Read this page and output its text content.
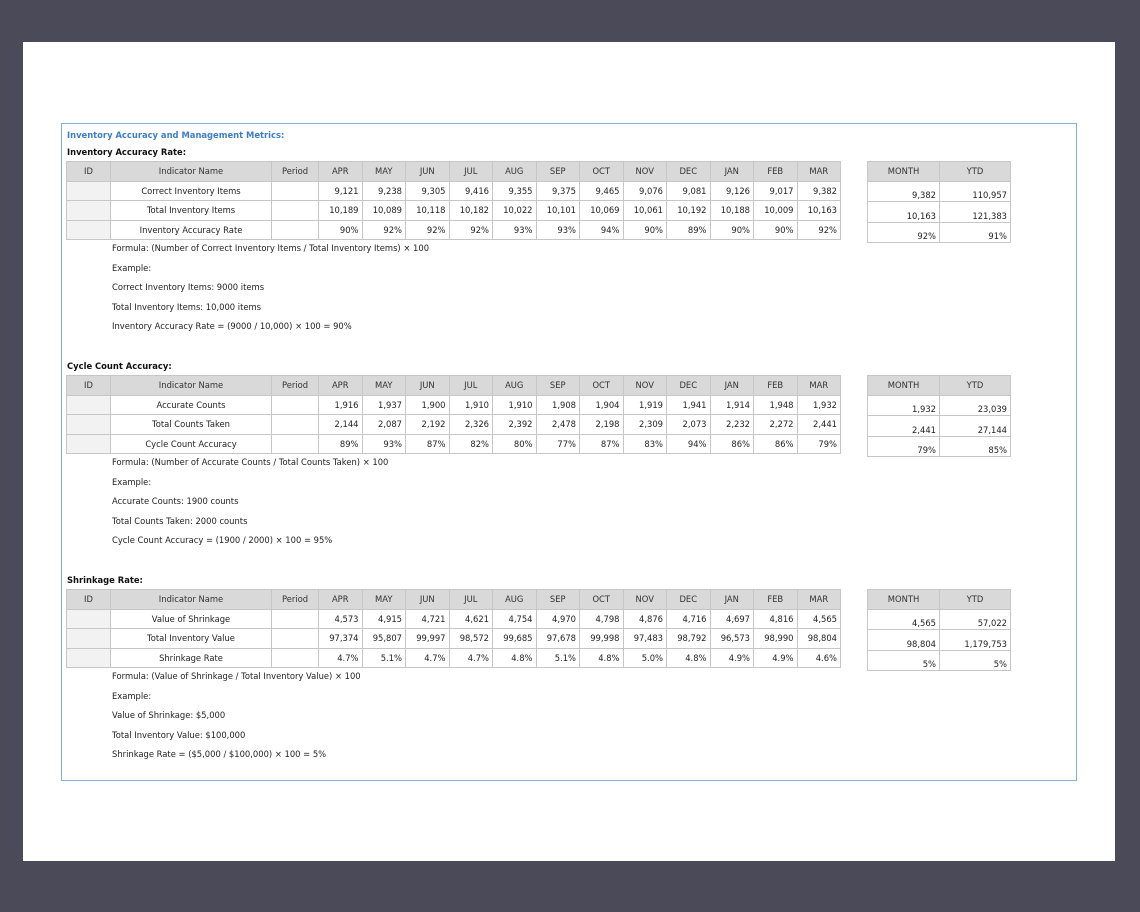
Inventory Accuracy and Management Metrics:
Inventory Accuracy Rate:
ID	Indicator Name	Period	APR	MAY	JUN	JUL	AUG	SEP	OCT	NOV	DEC	JAN	FEB	MAR
	Correct Inventory Items		9,121	9,238	9,305	9,416	9,355	9,375	9,465	9,076	9,081	9,126	9,017	9,382
	Total Inventory Items		10,189	10,089	10,118	10,182	10,022	10,101	10,069	10,061	10,192	10,188	10,009	10,163
	Inventory Accuracy Rate		90%	92%	92%	92%	93%	93%	94%	90%	89%	90%	90%	92%
MONTH	YTD
9,382	110,957
10,163	121,383
92%	91%
Formula: (Number of Correct Inventory Items / Total Inventory Items) × 100
Example:
Correct Inventory Items: 9000 items
Total Inventory Items: 10,000 items
Inventory Accuracy Rate = (9000 / 10,000) × 100 = 90%
Cycle Count Accuracy:
ID	Indicator Name	Period	APR	MAY	JUN	JUL	AUG	SEP	OCT	NOV	DEC	JAN	FEB	MAR
	Accurate Counts		1,916	1,937	1,900	1,910	1,910	1,908	1,904	1,919	1,941	1,914	1,948	1,932
	Total Counts Taken		2,144	2,087	2,192	2,326	2,392	2,478	2,198	2,309	2,073	2,232	2,272	2,441
	Cycle Count Accuracy		89%	93%	87%	82%	80%	77%	87%	83%	94%	86%	86%	79%
MONTH	YTD
1,932	23,039
2,441	27,144
79%	85%
Formula: (Number of Accurate Counts / Total Counts Taken) × 100
Example:
Accurate Counts: 1900 counts
Total Counts Taken: 2000 counts
Cycle Count Accuracy = (1900 / 2000) × 100 = 95%
Shrinkage Rate:
ID	Indicator Name	Period	APR	MAY	JUN	JUL	AUG	SEP	OCT	NOV	DEC	JAN	FEB	MAR
	Value of Shrinkage		4,573	4,915	4,721	4,621	4,754	4,970	4,798	4,876	4,716	4,697	4,816	4,565
	Total Inventory Value		97,374	95,807	99,997	98,572	99,685	97,678	99,998	97,483	98,792	96,573	98,990	98,804
	Shrinkage Rate		4.7%	5.1%	4.7%	4.7%	4.8%	5.1%	4.8%	5.0%	4.8%	4.9%	4.9%	4.6%
MONTH	YTD
4,565	57,022
98,804	1,179,753
5%	5%
Formula: (Value of Shrinkage / Total Inventory Value) × 100
Example:
Value of Shrinkage: $5,000
Total Inventory Value: $100,000
Shrinkage Rate = ($5,000 / $100,000) × 100 = 5%
